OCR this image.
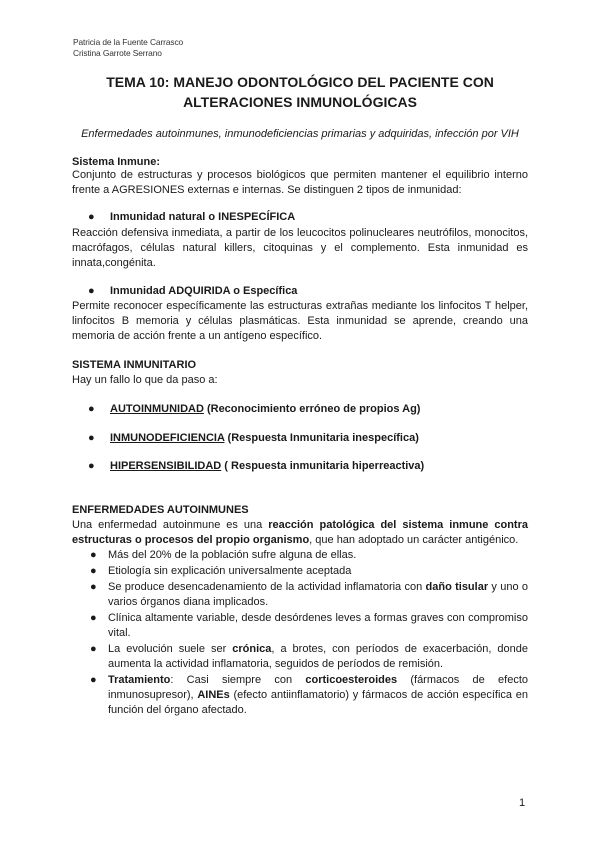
Patricia de la Fuente Carrasco
Cristina Garrote Serrano
TEMA 10: MANEJO ODONTOLÓGICO DEL PACIENTE CON
ALTERACIONES INMUNOLÓGICAS
Enfermedades autoinmunes, inmunodeficiencias primarias y adquiridas, infección por VIH
Sistema Inmune:
Conjunto de estructuras y procesos biológicos que permiten mantener el equilibrio interno frente a AGRESIONES externas e internas. Se distinguen 2 tipos de inmunidad:
● Inmunidad natural o INESPECÍFICA
Reacción defensiva inmediata, a partir de los leucocitos polinucleares neutrófilos, monocitos, macrófagos, células natural killers, citoquinas y el complemento. Esta inmunidad es innata,congénita.
● Inmunidad ADQUIRIDA o Específica
Permite reconocer específicamente las estructuras extrañas mediante los linfocitos T helper, linfocitos B memoria y células plasmáticas. Esta inmunidad se aprende, creando una memoria de acción frente a un antígeno específico.
SISTEMA INMUNITARIO
Hay un fallo lo que da paso a:
● AUTOINMUNIDAD (Reconocimiento erróneo de propios Ag)
● INMUNODEFICIENCIA (Respuesta Inmunitaria inespecífica)
● HIPERSENSIBILIDAD ( Respuesta inmunitaria hiperreactiva)
ENFERMEDADES AUTOINMUNES
Una enfermedad autoinmune es una reacción patológica del sistema inmune contra estructuras o procesos del propio organismo, que han adoptado un carácter antigénico.
● Más del 20% de la población sufre alguna de ellas.
● Etiología sin explicación universalmente aceptada
● Se produce desencadenamiento de la actividad inflamatoria con daño tisular y uno o varios órganos diana implicados.
● Clínica altamente variable, desde desórdenes leves a formas graves con compromiso vital.
● La evolución suele ser crónica, a brotes, con períodos de exacerbación, donde aumenta la actividad inflamatoria, seguidos de períodos de remisión.
● Tratamiento: Casi siempre con corticoesteroides (fármacos de efecto inmunosupresor), AINEs (efecto antiinflamatorio) y fármacos de acción específica en función del órgano afectado.
1
